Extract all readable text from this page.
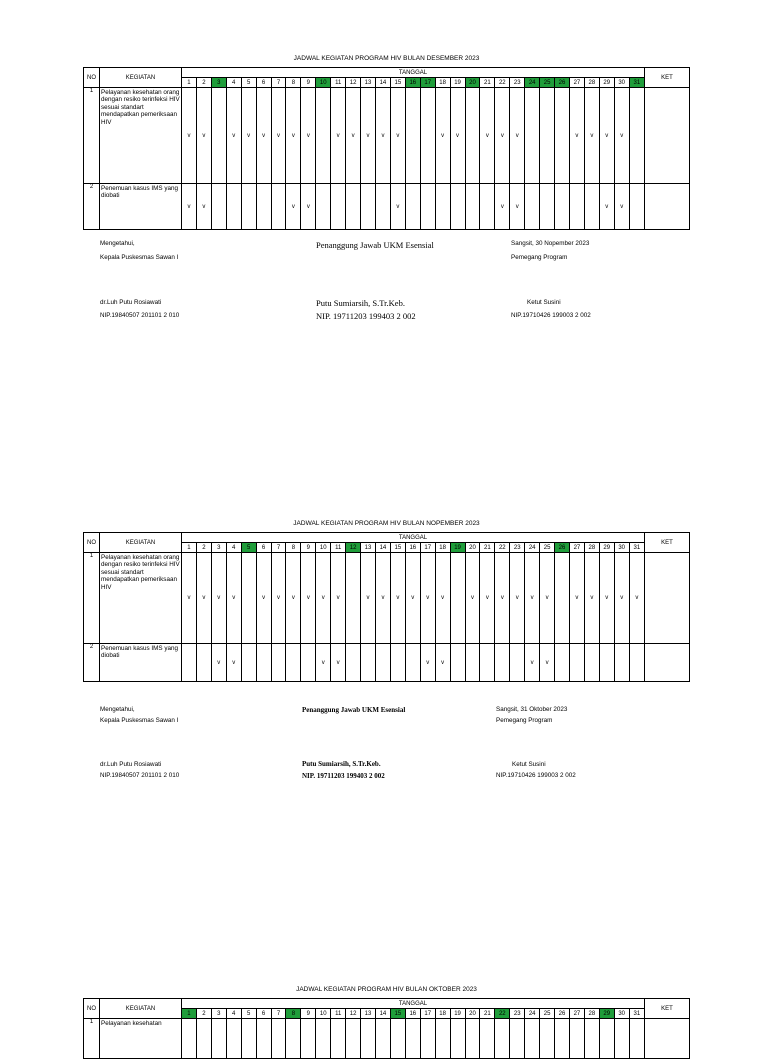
JADWAL KEGIATAN PROGRAM HIV BULAN DESEMBER 2023
NO	KEGIATAN	TANGGAL																															KET
		1	2	3	4	5	6	7	8	9	10	11	12	13	14	15	16	17	18	19	20	21	22	23	24	25	26	27	28	29	30	31	
1	Pelayanan kesehatan orang dengan resiko terinfeksi HIV sesuai standart mendapatkan pemeriksaan HIV	v	v		v	v	v	v	v	v		v	v	v	v	v			v	v		v	v	v				v	v	v	v		
2	Penemuan kasus IMS yang diobati	v	v						v	v						v							v	v						v	v		
Mengetahui,
Kepala Puskesmas Sawan I
dr.Luh Putu Rosiawati
NIP.19840507 201101 2 010
Penanggung Jawab UKM Esensial
Putu Sumiarsih, S.Tr.Keb.
NIP. 19711203 199403 2 002
Sangsit, 30 Nopember 2023
Pemegang Program
Ketut Susini
NIP.19710426 199003 2 002
JADWAL KEGIATAN PROGRAM HIV BULAN NOPEMBER 2023
NO	KEGIATAN	TANGGAL																															KET
		1	2	3	4	5	6	7	8	9	10	11	12	13	14	15	16	17	18	19	20	21	22	23	24	25	26	27	28	29	30	31	
1	Pelayanan kesehatan orang dengan resiko terinfeksi HIV sesuai standart mendapatkan pemeriksaan HIV	v	v	v	v		v	v	v	v	v	v		v	v	v	v	v	v		v	v	v	v	v	v		v	v	v	v	v	
2	Penemuan kasus IMS yang diobati			v	v						v	v						v	v						v	v							
Mengetahui,
Kepala Puskesmas Sawan I
dr.Luh Putu Rosiawati
NIP.19840507 201101 2 010
Penanggung Jawab UKM Esensial
Putu Sumiarsih, S.Tr.Keb.
NIP. 19711203 199403 2 002
Sangsit, 31 Oktober 2023
Pemegang Program
Ketut Susini
NIP.19710426 199003 2 002
JADWAL KEGIATAN PROGRAM HIV BULAN OKTOBER 2023
NO	KEGIATAN	TANGGAL																															KET
		1	2	3	4	5	6	7	8	9	10	11	12	13	14	15	16	17	18	19	20	21	22	23	24	25	26	27	28	29	30	31	
1	Pelayanan kesehatan																																
